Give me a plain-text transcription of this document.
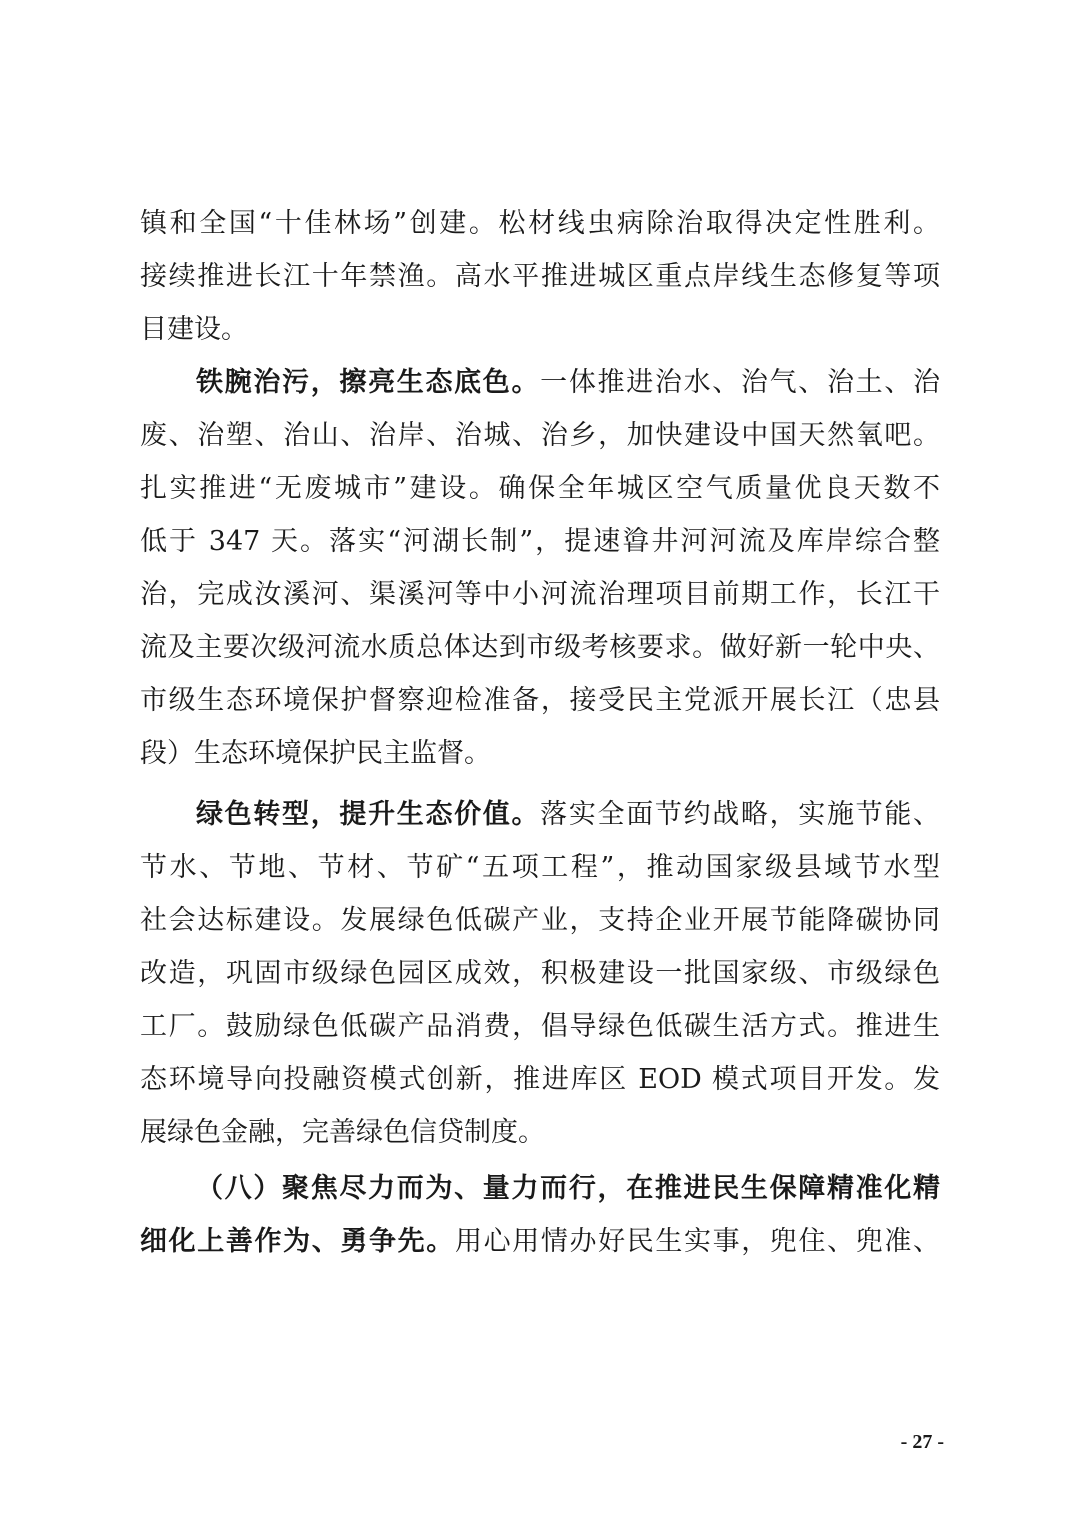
镇和全国“十佳林场”创建。松材线虫病除治取得决定性胜利。
接续推进长江十年禁渔。高水平推进城区重点岸线生态修复等项
目建设。
铁腕治污，擦亮生态底色。一体推进治水、治气、治土、治
废、治塑、治山、治岸、治城、治乡，加快建设中国天然氧吧。
扎实推进“无废城市”建设。确保全年城区空气质量优良天数不
低于 347 天。落实“河湖长制”，提速㽏井河河流及库岸综合整
治，完成汝溪河、渠溪河等中小河流治理项目前期工作，长江干
流及主要次级河流水质总体达到市级考核要求。做好新一轮中央、
市级生态环境保护督察迎检准备，接受民主党派开展长江（忠县
段）生态环境保护民主监督。
绿色转型，提升生态价值。落实全面节约战略，实施节能、
节水、节地、节材、节矿“五项工程”，推动国家级县域节水型
社会达标建设。发展绿色低碳产业，支持企业开展节能降碳协同
改造，巩固市级绿色园区成效，积极建设一批国家级、市级绿色
工厂。鼓励绿色低碳产品消费，倡导绿色低碳生活方式。推进生
态环境导向投融资模式创新，推进库区 EOD 模式项目开发。发
展绿色金融，完善绿色信贷制度。
（八）聚焦尽力而为、量力而行，在推进民生保障精准化精
细化上善作为、勇争先。用心用情办好民生实事，兜住、兜准、
- 27 -
